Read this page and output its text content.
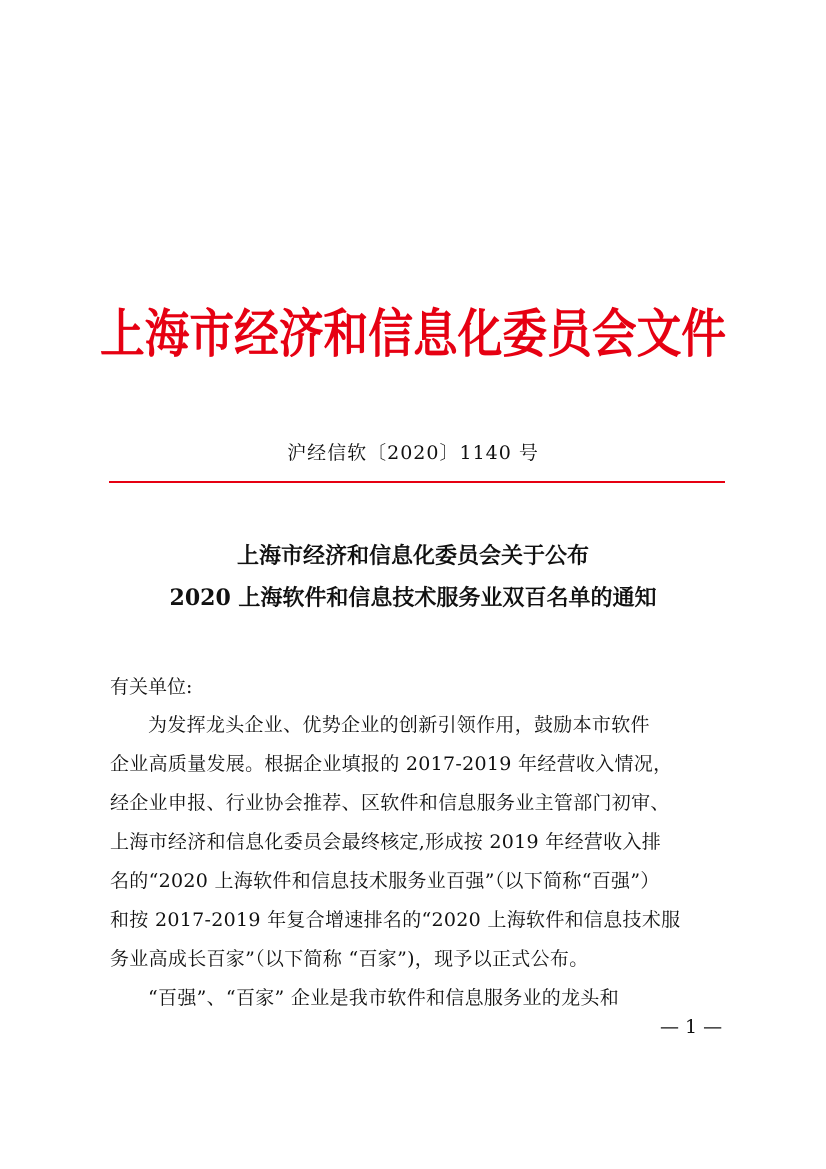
上海市经济和信息化委员会文件
沪经信软〔2020〕1140 号
上海市经济和信息化委员会关于公布
2020 上海软件和信息技术服务业双百名单的通知
有关单位:
为发挥龙头企业、优势企业的创新引领作用，鼓励本市软件
企业高质量发展。根据企业填报的 2017-2019 年经营收入情况，
经企业申报、行业协会推荐、区软件和信息服务业主管部门初审、
上海市经济和信息化委员会最终核定,形成按 2019 年经营收入排
名的“2020 上海软件和信息技术服务业百强”（以下简称“百强”）
和按 2017-2019 年复合增速排名的“2020 上海软件和信息技术服
务业高成长百家”（以下简称 “百家”)，现予以正式公布。
“百强”、“百家” 企业是我市软件和信息服务业的龙头和
— 1 —
